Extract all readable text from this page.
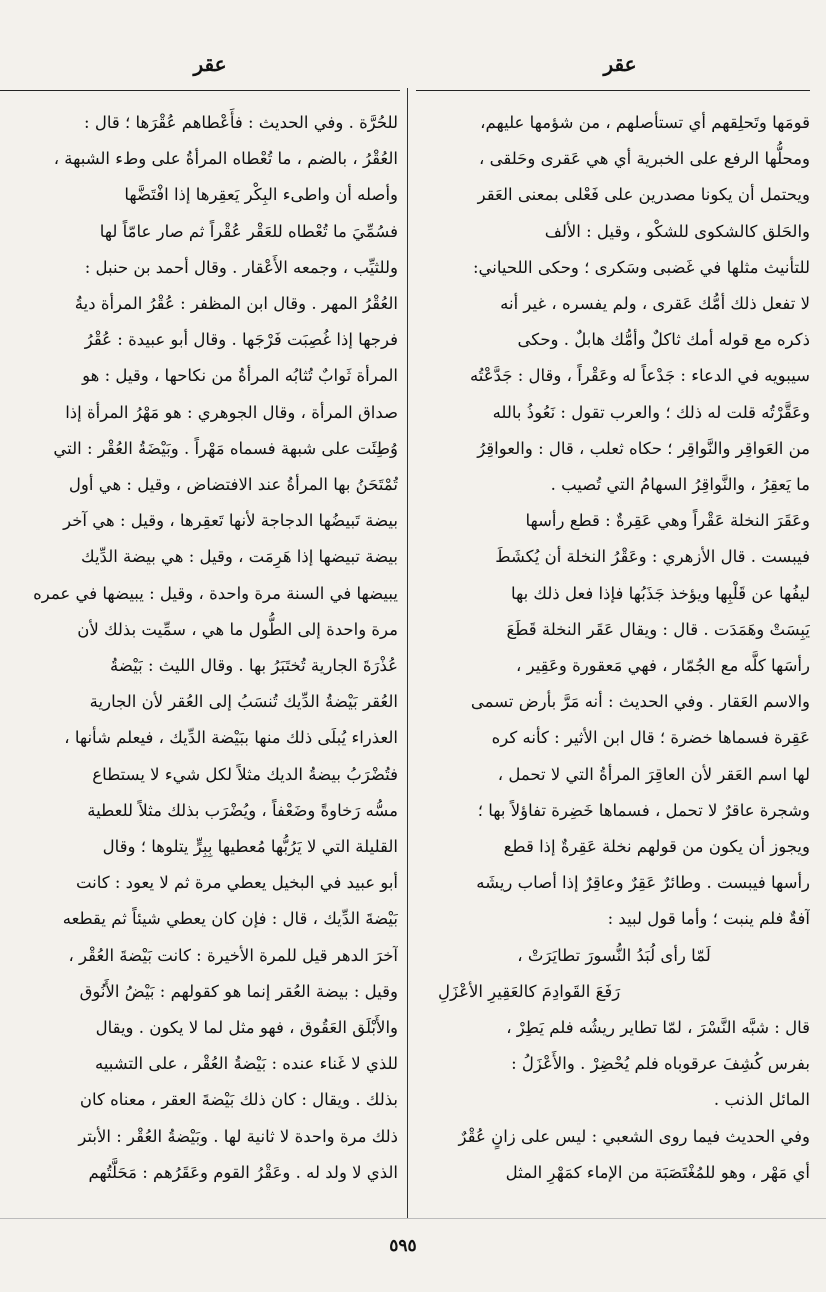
عقر
عقر
قومَها وتَحلِقهم أي تستأصلهم ، من شؤمها عليهم،
ومحلُّها الرفع على الخبرية أي هي عَقرى وحَلقى ،
ويحتمل أن يكونا مصدرين على فَعْلى بمعنى العَقر
والحَلق كالشكوى للشكْو ، وقيل : الألف
للتأنيث مثلها في غَضبى وسَكرى ؛ وحكى اللحياني:
لا تفعل ذلك أمُّك عَقرى ، ولم يفسره ، غير أنه
ذكره مع قوله أمك ثاكلٌ وأمُّك هابلٌ . وحكى
سيبويه في الدعاء : جَدْعاً له وعَقْراً ، وقال : جَدَّعْتُه
وعَقَّرْتُه قلت له ذلك ؛ والعرب تقول : نَعُوذُ بالله
من العَواقِر والنَّواقِر ؛ حكاه ثعلب ، قال : والعواقِرُ
ما يَعقِرُ ، والنَّواقِرُ السهامُ التي تُصيب .
وعَقَرَ النخلة عَقْراً وهي عَقِرةٌ : قطع رأسها
فيبست . قال الأزهري : وعَقْرُ النخلة أن يُكشَطَ
ليفُها عن قَلْبِها ويؤخذ جَذَبُها فإذا فعل ذلك بها
يَبِسَتْ وهَمَدَت . قال : ويقال عَقَر النخلة قَطَعَ
رأسَها كلَّه مع الجُمّار ، فهي مَعقورة وعَقِير ،
والاسم العَقار . وفي الحديث : أنه مَرَّ بأرض تسمى
عَقِرة فسماها خضرة ؛ قال ابن الأثير : كأنه كره
لها اسم العَقر لأن العاقِرَ المرأةُ التي لا تحمل ،
وشجرة عاقرٌ لا تحمل ، فسماها خَضِرة تفاؤلاً بها ؛
ويجوز أن يكون من قولهم نخلة عَقِرةٌ إذا قطع
رأسها فيبست . وطائرٌ عَقِرٌ وعاقِرٌ إذا أصاب ريشَه
آفةٌ فلم ينبت ؛ وأما قول لبيد :
لَمّا رأى لُبَدُ النُّسورَ تطايَرَتْ ،
رَفَعَ القَوادِمَ كالعَقِيرِ الأعْزَلِ
قال : شبَّه النَّسْرَ ، لمّا تطاير ريشُه فلم يَطِرْ ،
بفرس كُشِفَ عرقوباه فلم يُحْضِرْ . والأَعْزَلُ :
المائل الذنب .
وفي الحديث فيما روى الشعبي : ليس على زانٍ عُقْرٌ
أي مَهْر ، وهو للمُغْتَصَبَة من الإماء كمَهْرِ المثل
للحُرَّة . وفي الحديث : فأَعْطاهم عُقْرَها ؛ قال :
العُقْرُ ، بالضم ، ما تُعْطاه المرأةُ على وطء الشبهة ،
وأصله أن واطىء البِكْر يَعقِرها إذا افْتَضَّها
فسُمِّيَ ما تُعْطاه للعَقْر عُقْراً ثم صار عامّاً لها
وللثيِّب ، وجمعه الأَعْقار . وقال أحمد بن حنبل :
العُقْرُ المهر . وقال ابن المظفر : عُقْرُ المرأة ديةُ
فرجها إذا غُصِبَت فَرْجَها . وقال أبو عبيدة : عُقْرُ
المرأة ثَوابٌ تُثابُه المرأةُ من نكاحها ، وقيل : هو
صداق المرأة ، وقال الجوهري : هو مَهْرُ المرأة إذا
وُطِئَت على شبهة فسماه مَهْراً . وبَيْضَةُ العُقْر : التي
تُمْتَحَنُ بها المرأةُ عند الافتضاض ، وقيل : هي أول
بيضة تَبيضُها الدجاجة لأنها تَعقِرها ، وقيل : هي آخر
بيضة تبيضها إذا هَرِمَت ، وقيل : هي بيضة الدِّيك
يبيضها في السنة مرة واحدة ، وقيل : يبيضها في عمره
مرة واحدة إلى الطُّول ما هي ، سمِّيت بذلك لأن
عُذْرَةَ الجارية تُختَبَرُ بها . وقال الليث : بَيْضةُ
العُقر بَيْضةُ الدِّيك تُنسَبُ إلى العُقر لأن الجارية
العذراء يُبلَى ذلك منها ببَيْضة الدِّيك ، فيعلم شأنها ،
فتُضْرَبُ بيضةُ الديك مثلاً لكل شيء لا يستطاع
مسُّه رَخاوةً وضَعْفاً ، ويُضْرَب بذلك مثلاً للعطية
القليلة التي لا يَرُبُّها مُعطيها بِبِرٍّ يتلوها ؛ وقال
أبو عبيد في البخيل يعطي مرة ثم لا يعود : كانت
بَيْضةَ الدِّيك ، قال : فإن كان يعطي شيئاً ثم يقطعه
آخرَ الدهر قيل للمرة الأخيرة : كانت بَيْضةَ العُقْر ،
وقيل : بيضة العُقر إنما هو كقولهم : بَيْضُ الأَنُوق
والأَبْلَق العَقُوق ، فهو مثل لما لا يكون . ويقال
للذي لا غَناء عنده : بَيْضةُ العُقْر ، على التشبيه
بذلك . ويقال : كان ذلك بَيْضةَ العقر ، معناه كان
ذلك مرة واحدة لا ثانية لها . وبَيْضةُ العُقْر : الأبتر
الذي لا ولد له . وعَقْرُ القوم وعَقَرُهم : مَحَلَّتُهم
٥٩٥
